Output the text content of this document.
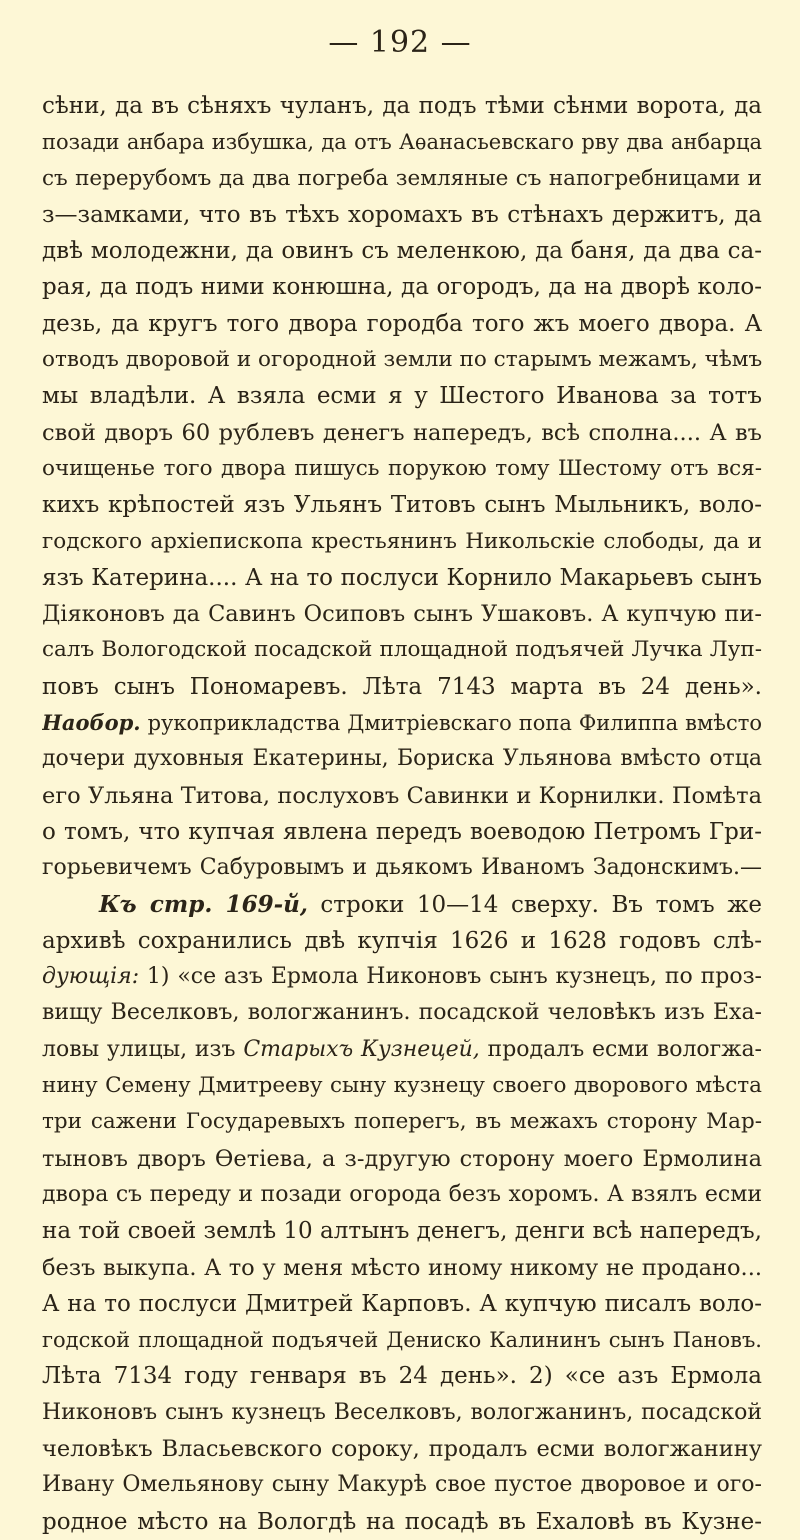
— 192 —
сѣни, да въ сѣняхъ чуланъ, да подъ тѣми сѣнми ворота, да
позади анбара избушка, да отъ Аѳанасьевскаго рву два анбарца
съ перерубомъ да два погреба земляные съ напогребницами и
з—замками, что въ тѣхъ хоромахъ въ стѣнахъ держитъ, да
двѣ молодежни, да овинъ съ меленкою, да баня, да два са-
рая, да подъ ними конюшна, да огородъ, да на дворѣ коло-
дезь, да кругъ того двора городба того жъ моего двора. А
отводъ дворовой и огородной земли по старымъ межамъ, чѣмъ
мы владѣли. А взяла есми я у Шестого Иванова за тотъ
свой дворъ 60 рублевъ денегъ напередъ, всѣ сполна.... А въ
очищенье того двора пишусь порукою тому Шестому отъ вся-
кихъ крѣпостей язъ Ульянъ Титовъ сынъ Мыльникъ, воло-
годского архіепископа крестьянинъ Никольскіе слободы, да и
язъ Катерина.... А на то послуси Корнило Макарьевъ сынъ
Діяконовъ да Савинъ Осиповъ сынъ Ушаковъ. А купчую пи-
салъ Вологодской посадской площадной подъячей Лучка Луп-
повъ сынъ Пономаревъ. Лѣта 7143 марта въ 24 день».
Наобор. рукоприкладства Дмитріевскаго попа Филиппа вмѣсто
дочери духовныя Екатерины, Бориска Ульянова вмѣсто отца
его Ульяна Титова, послуховъ Савинки и Корнилки. Помѣта
о томъ, что купчая явлена передъ воеводою Петромъ Гри-
горьевичемъ Сабуровымъ и дьякомъ Иваномъ Задонскимъ.—
Къ стр. 169-й, строки 10—14 сверху. Въ томъ же
архивѣ сохранились двѣ купчія 1626 и 1628 годовъ слѣ-
дующія: 1) «се азъ Ермола Никоновъ сынъ кузнецъ, по проз-
вищу Веселковъ, вологжанинъ. посадской человѣкъ изъ Еха-
ловы улицы, изъ Старыхъ Кузнецей, продалъ есми вологжа-
нину Семену Дмитрееву сыну кузнецу своего дворового мѣста
три сажени Государевыхъ поперегъ, въ межахъ сторону Мар-
тыновъ дворъ Ѳетіева, а з-другую сторону моего Ермолина
двора съ переду и позади огорода безъ хоромъ. А взялъ есми
на той своей землѣ 10 алтынъ денегъ, денги всѣ напередъ,
безъ выкупа. А то у меня мѣсто иному никому не продано...
А на то послуси Дмитрей Карповъ. А купчую писалъ воло-
годской площадной подъячей Дениско Калининъ сынъ Пановъ.
Лѣта 7134 году генваря въ 24 день». 2) «се азъ Ермола
Никоновъ сынъ кузнецъ Веселковъ, вологжанинъ, посадской
человѣкъ Власьевского сороку, продалъ есми вологжанину
Ивану Омельянову сыну Макурѣ свое пустое дворовое и ого-
родное мѣсто на Вологдѣ на посадѣ въ Ехаловѣ въ Кузне-
